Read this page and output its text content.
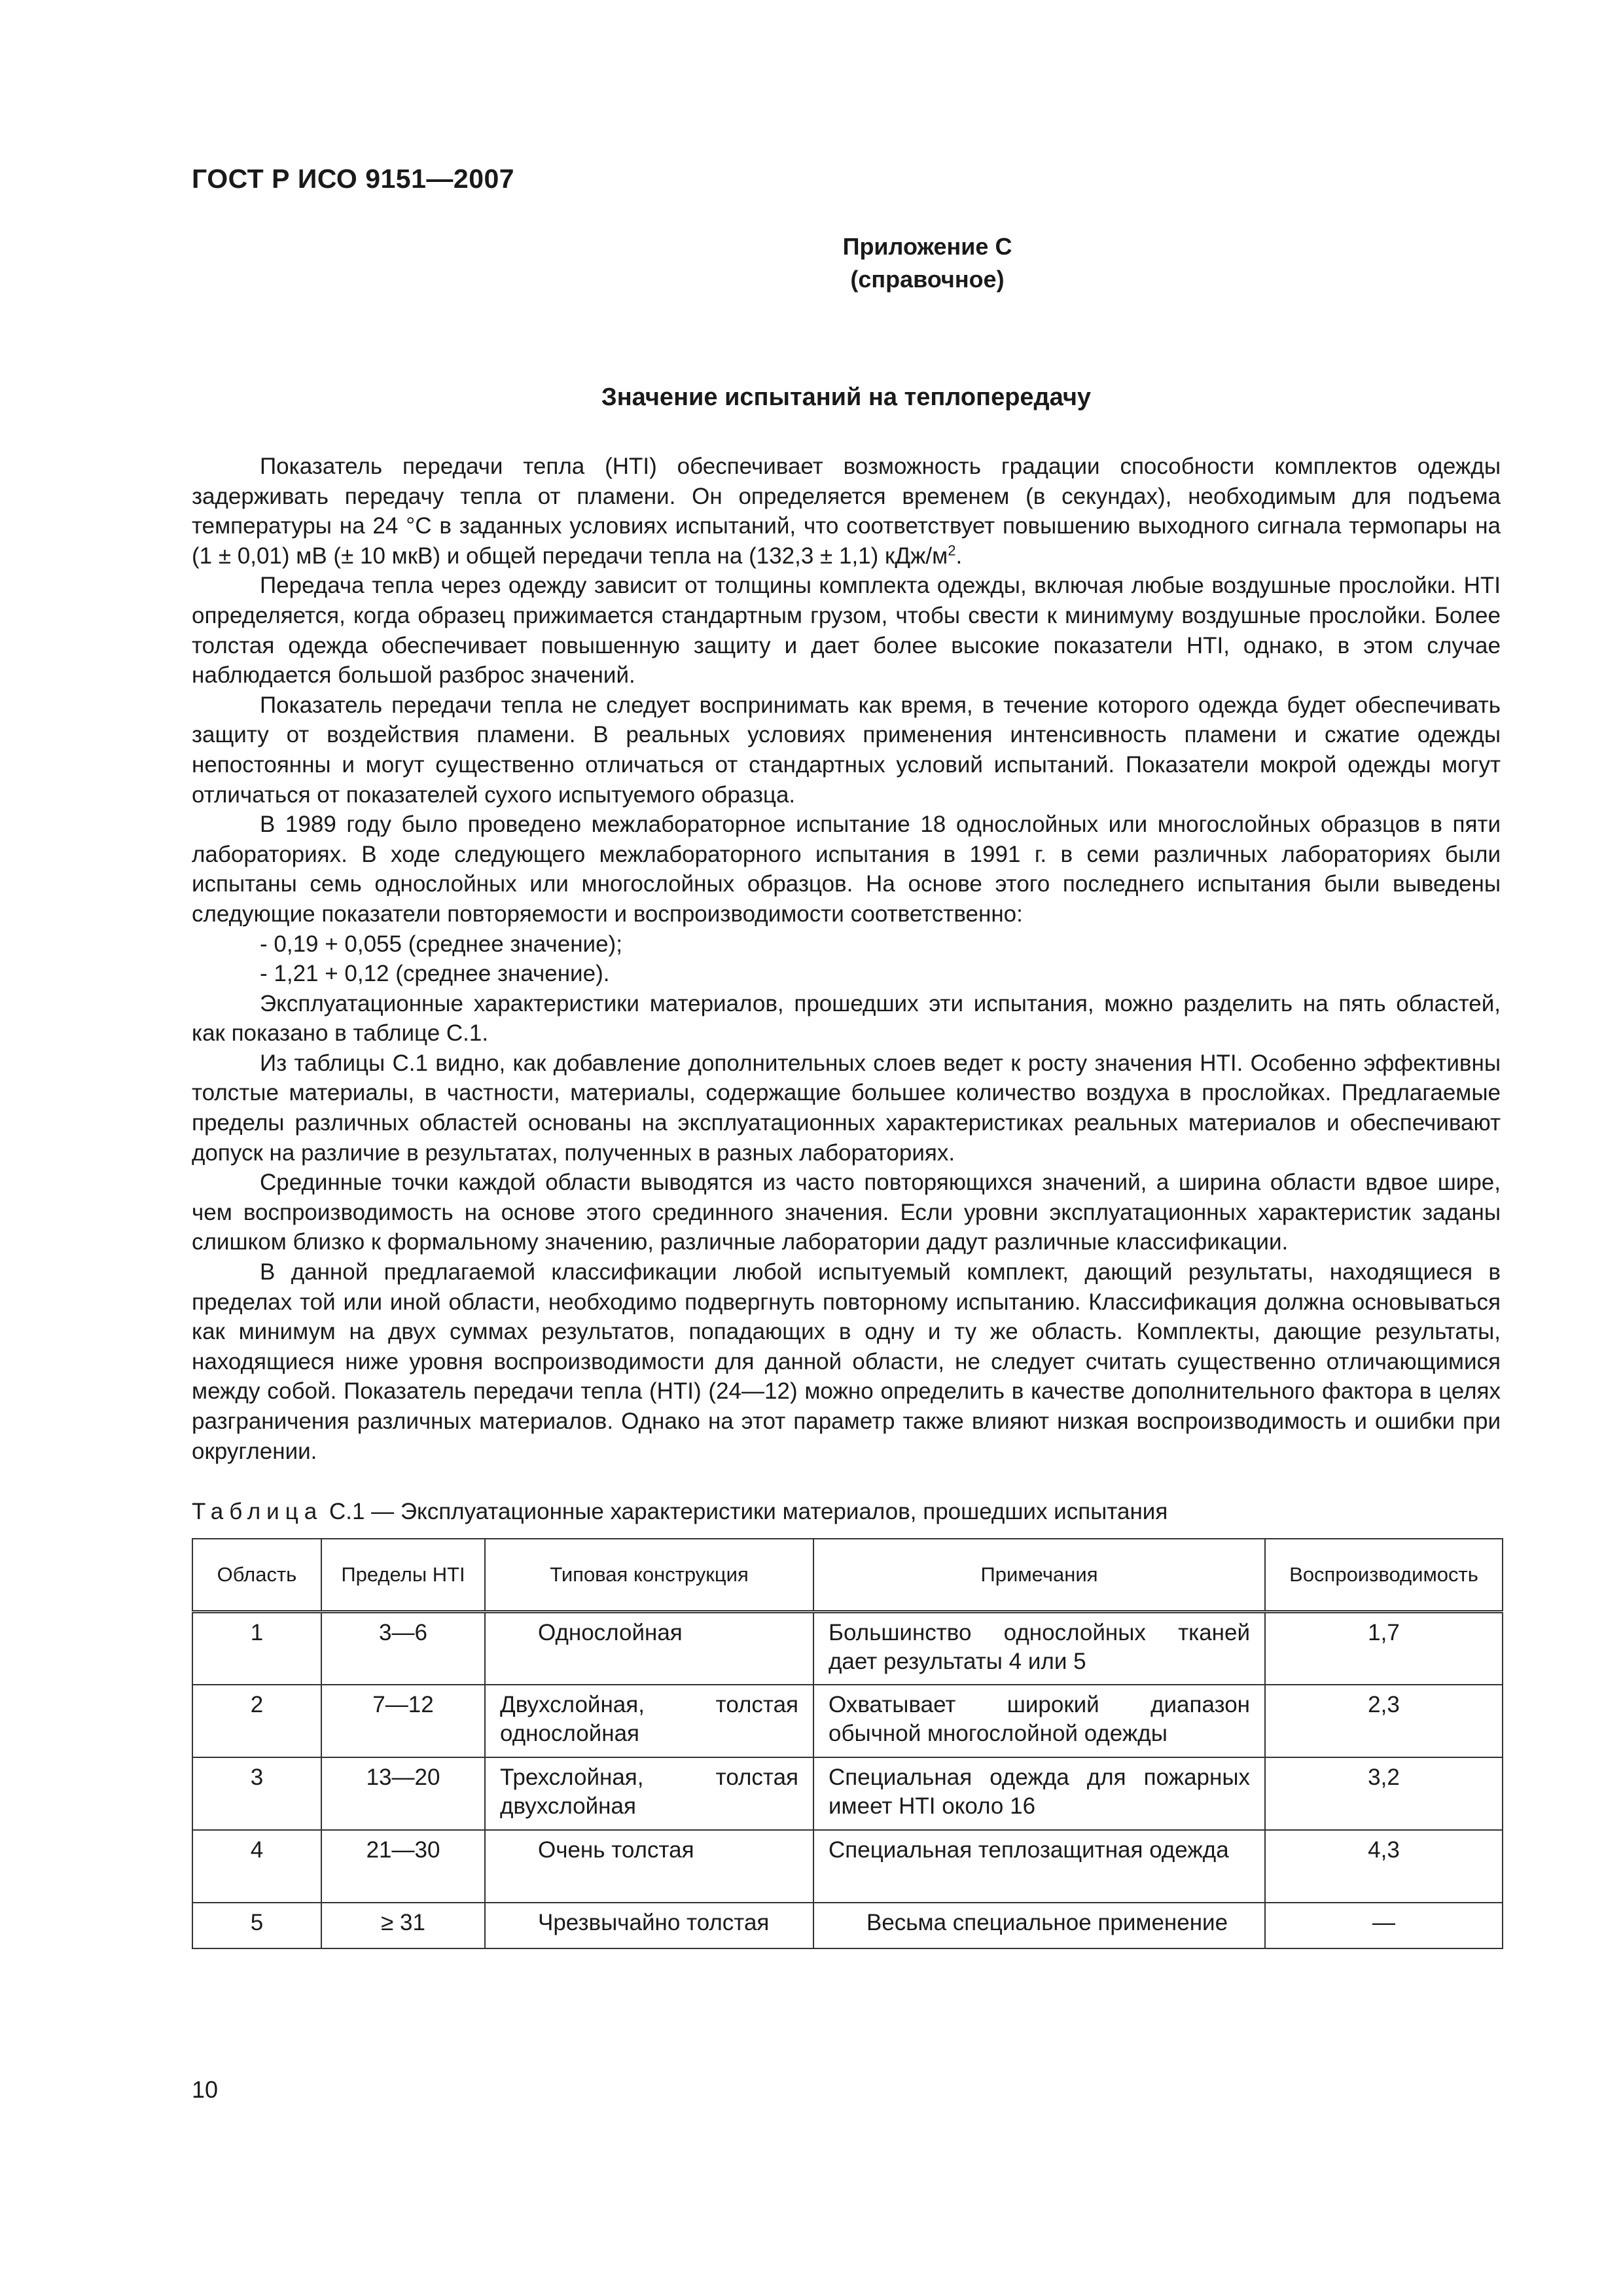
ГОСТ Р ИСО 9151—2007
Приложение С
(справочное)
Значение испытаний на теплопередачу

Показатель передачи тепла (HTI) обеспечивает возможность градации способности комплектов одежды задерживать передачу тепла от пламени. Он определяется временем (в секундах), необходимым для подъема температуры на 24 °С в заданных условиях испытаний, что соответствует повышению выходного сигнала термопары на (1 ± 0,01) мВ (± 10 мкВ) и общей передачи тепла на (132,3 ± 1,1) кДж/$м^2$.

Передача тепла через одежду зависит от толщины комплекта одежды, включая любые воздушные прослойки. HTI определяется, когда образец прижимается стандартным грузом, чтобы свести к минимуму воздушные прослойки. Более толстая одежда обеспечивает повышенную защиту и дает более высокие показатели HTI, однако, в этом случае наблюдается большой разброс значений.

Показатель передачи тепла не следует воспринимать как время, в течение которого одежда будет обеспечивать защиту от воздействия пламени. В реальных условиях применения интенсивность пламени и сжатие одежды непостоянны и могут существенно отличаться от стандартных условий испытаний. Показатели мокрой одежды могут отличаться от показателей сухого испытуемого образца.

В 1989 году было проведено межлабораторное испытание 18 однослойных или многослойных образцов в пяти лабораториях. В ходе следующего межлабораторного испытания в 1991 г. в семи различных лабораториях были испытаны семь однослойных или многослойных образцов. На основе этого последнего испытания были выведены следующие показатели повторяемости и воспроизводимости соответственно:

- 0,19 + 0,055 (среднее значение);

- 1,21 + 0,12 (среднее значение).

Эксплуатационные характеристики материалов, прошедших эти испытания, можно разделить на пять областей, как показано в таблице С.1.

Из таблицы С.1 видно, как добавление дополнительных слоев ведет к росту значения HTI. Особенно эффективны толстые материалы, в частности, материалы, содержащие большее количество воздуха в прослойках. Предлагаемые пределы различных областей основаны на эксплуатационных характеристиках реальных материалов и обеспечивают допуск на различие в результатах, полученных в разных лабораториях.

Срединные точки каждой области выводятся из часто повторяющихся значений, а ширина области вдвое шире, чем воспроизводимость на основе этого срединного значения. Если уровни эксплуатационных характеристик заданы слишком близко к формальному значению, различные лаборатории дадут различные классификации.

В данной предлагаемой классификации любой испытуемый комплект, дающий результаты, находящиеся в пределах той или иной области, необходимо подвергнуть повторному испытанию. Классификация должна основываться как минимум на двух суммах результатов, попадающих в одну и ту же область. Комплекты, дающие результаты, находящиеся ниже уровня воспроизводимости для данной области, не следует считать существенно отличающимися между собой. Показатель передачи тепла (HTI) (24—12) можно определить в качестве дополнительного фактора в целях разграничения различных материалов. Однако на этот параметр также влияют низкая воспроизводимость и ошибки при округлении.

Таблица С.1 — Эксплуатационные характеристики материалов, прошедших испытания
Область	Пределы HTI	Типовая конструкция	Примечания	Воспроизводимость
1	3—6	Однослойная	Большинство однослойных тканей дает результаты 4 или 5	1,7
2	7—12	Двухслойная, толстая однослойная	Охватывает широкий диапазон обычной многослойной одежды	2,3
3	13—20	Трехслойная, толстая двухслойная	Специальная одежда для пожарных имеет HTI около 16	3,2
4	21—30	Очень толстая	Специальная теплозащитная одежда	4,3
5	≥ 31	Чрезвычайно толстая	Весьма специальное применение	—
10
